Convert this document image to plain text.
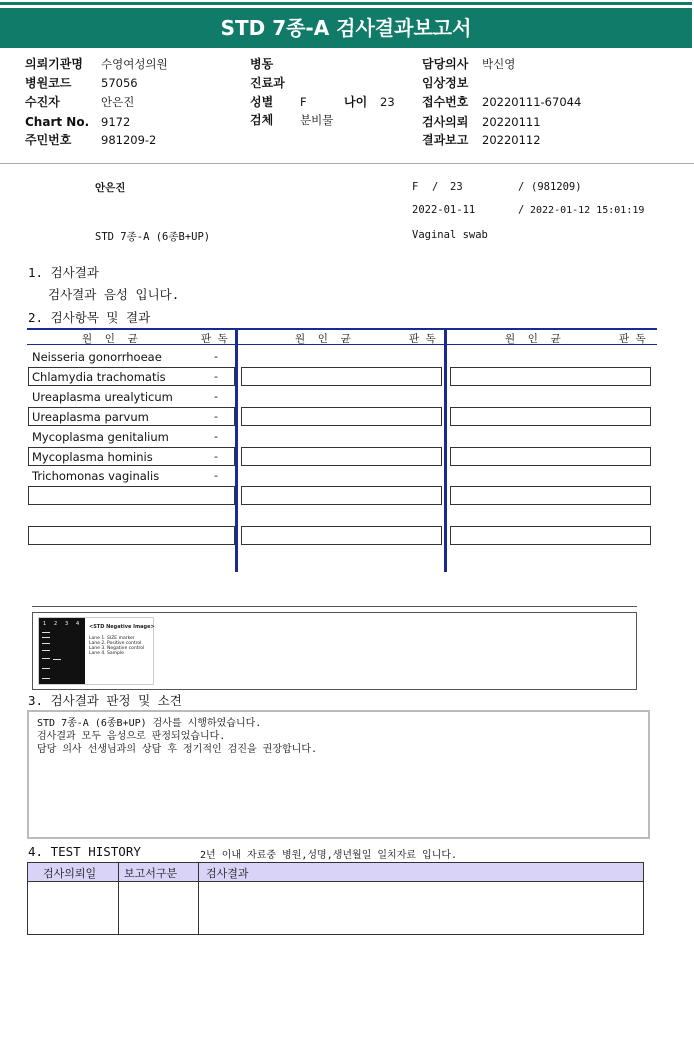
STD 7종-A 검사결과보고서
의뢰기관명 수영여성의원
병원코드	57056
수진자	안은진
Chart No. 9172
주민번호	981209-2
병동
진료과
성별 F	나이 23
검체 분비물
담당의사 박신영
임상정보
접수번호 20220111-67044
검사의뢰 20220111
결과보고 20220112
안은진	F / 23	/ (981209)
2022-01-11	/ 2022-01-12 15:01:19
STD 7종-A (6종B+UP)	Vaginal swab
1. 검사결과
검사결과 음성 입니다.
2. 검사항목 및 결과
원  인  균	판 독	원  인  균	판 독	원  인  균	판 독
Neisseria gonorrhoeae	-
Chlamydia trachomatis	-
Ureaplasma urealyticum	-
Ureaplasma parvum	-
Mycoplasma genitalium	-
Mycoplasma hominis	-
Trichomonas vaginalis	-
1 2 3 4 <STD Negative Image>
Lane 1. SIZE marker
Lane 2. Positive control
Lane 3. Negative control
Lane 4. Sample
3. 검사결과 판정 및 소견
STD 7종-A (6종B+UP) 검사를 시행하였습니다.
검사결과 모두 음성으로 판정되었습니다.
담당 의사 선생님과의 상담 후 정기적인 검진을 권장합니다.
4. TEST HISTORY	2년 이내 자료중 병원,성명,생년월일 일치자료 입니다.
검사의뢰일	보고서구분	검사결과
